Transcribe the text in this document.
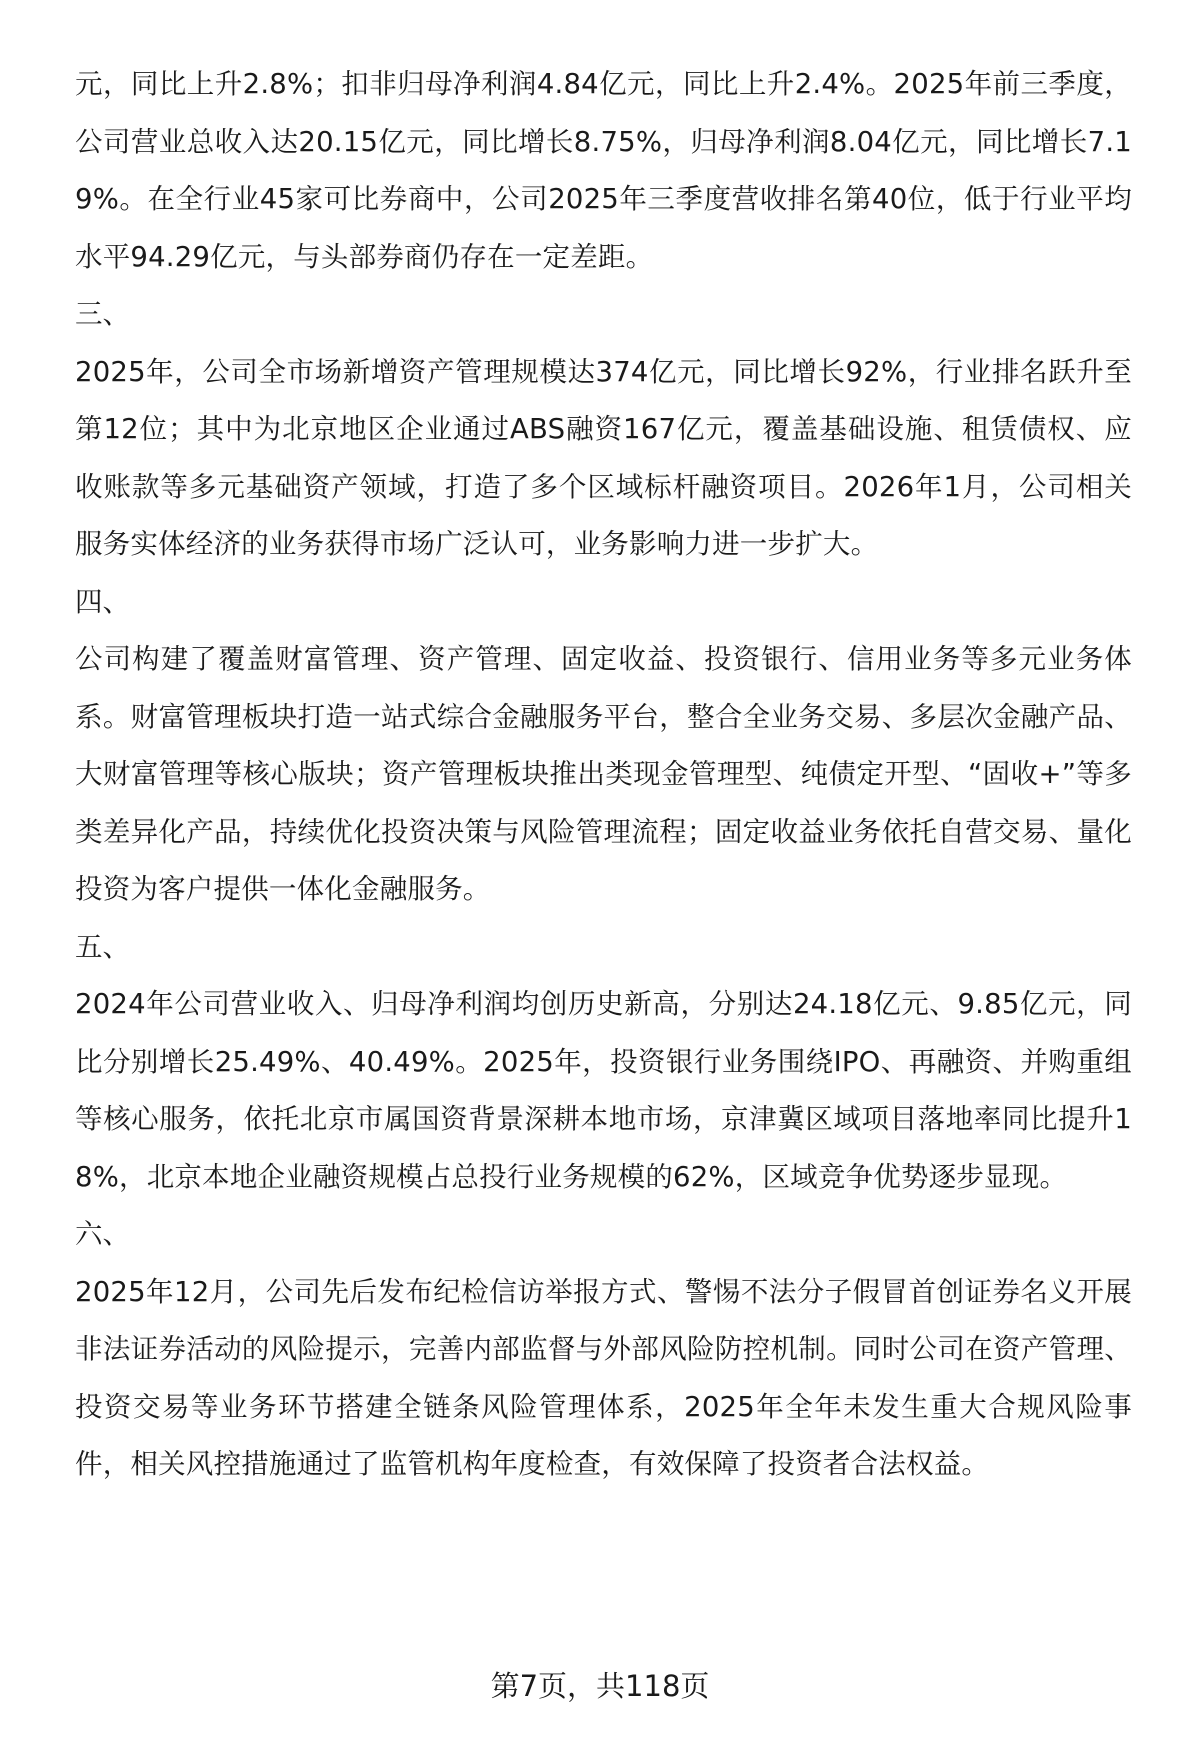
元，同比上升2.8%；扣非归母净利润4.84亿元，同比上升2.4%。2025年前三季度，公司营业总收入达20.15亿元，同比增长8.75%，归母净利润8.04亿元，同比增长7.19%。在全行业45家可比券商中，公司2025年三季度营收排名第40位，低于行业平均水平94.29亿元，与头部券商仍存在一定差距。

三、

2025年，公司全市场新增资产管理规模达374亿元，同比增长92%，行业排名跃升至第12位；其中为北京地区企业通过ABS融资167亿元，覆盖基础设施、租赁债权、应收账款等多元基础资产领域，打造了多个区域标杆融资项目。2026年1月，公司相关服务实体经济的业务获得市场广泛认可，业务影响力进一步扩大。

四、

公司构建了覆盖财富管理、资产管理、固定收益、投资银行、信用业务等多元业务体系。财富管理板块打造一站式综合金融服务平台，整合全业务交易、多层次金融产品、大财富管理等核心版块；资产管理板块推出类现金管理型、纯债定开型、“固收+”等多类差异化产品，持续优化投资决策与风险管理流程；固定收益业务依托自营交易、量化投资为客户提供一体化金融服务。

五、

2024年公司营业收入、归母净利润均创历史新高，分别达24.18亿元、9.85亿元，同比分别增长25.49%、40.49%。2025年，投资银行业务围绕IPO、再融资、并购重组等核心服务，依托北京市属国资背景深耕本地市场，京津冀区域项目落地率同比提升18%，北京本地企业融资规模占总投行业务规模的62%，区域竞争优势逐步显现。

六、

2025年12月，公司先后发布纪检信访举报方式、警惕不法分子假冒首创证券名义开展非法证券活动的风险提示，完善内部监督与外部风险防控机制。同时公司在资产管理、投资交易等业务环节搭建全链条风险管理体系，2025年全年未发生重大合规风险事件，相关风控措施通过了监管机构年度检查，有效保障了投资者合法权益。

第7页，共118页
